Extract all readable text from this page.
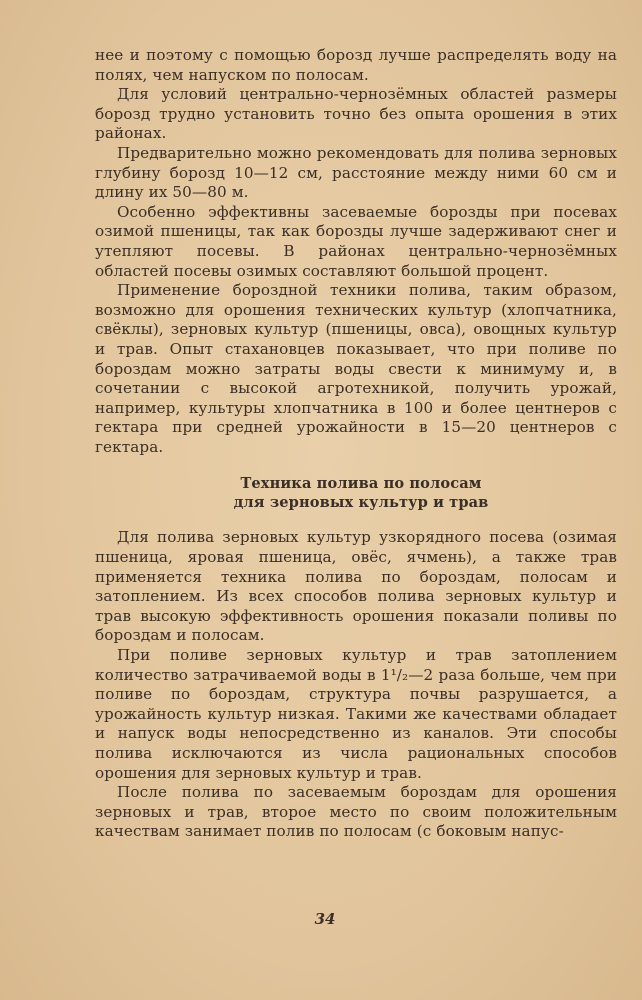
нее и поэтому с помощью борозд лучше распределять воду на полях, чем напуском по полосам.

Для условий центрально-чернозёмных областей размеры борозд трудно установить точно без опыта орошения в этих районах.

Предварительно можно рекомендовать для полива зерновых глубину борозд 10—12 см, расстояние между ними 60 см и длину их 50—80 м.

Особенно эффективны засеваемые борозды при посевах озимой пшеницы, так как борозды лучше задерживают снег и утепляют посевы. В районах центрально-чернозёмных областей посевы озимых составляют большой процент.

Применение бороздной техники полива, таким образом, возможно для орошения технических культур (хлопчатника, свёклы), зерновых культур (пшеницы, овса), овощных культур и трав. Опыт стахановцев показывает, что при поливе по бороздам можно затраты воды свести к минимуму и, в сочетании с высокой агротехникой, получить урожай, например, культуры хлопчатника в 100 и более центнеров с гектара при средней урожайности в 15—20 центнеров с гектара.

Техника полива по полосам
для зерновых культур и трав

Для полива зерновых культур узкорядного посева (озимая пшеница, яровая пшеница, овёс, ячмень), а также трав применяется техника полива по бороздам, полосам и затоплением. Из всех способов полива зерновых культур и трав высокую эффективность орошения показали поливы по бороздам и полосам.

При поливе зерновых культур и трав затоплением количество затрачиваемой воды в 1¹/₂—2 раза больше, чем при поливе по бороздам, структура почвы разрушается, а урожайность культур низкая. Такими же качествами обладает и напуск воды непосредственно из каналов. Эти способы полива исключаются из числа рациональных способов орошения для зерновых культур и трав.

После полива по засеваемым бороздам для орошения зерновых и трав, второе место по своим положительным качествам занимает полив по полосам (с боковым напус-

34
